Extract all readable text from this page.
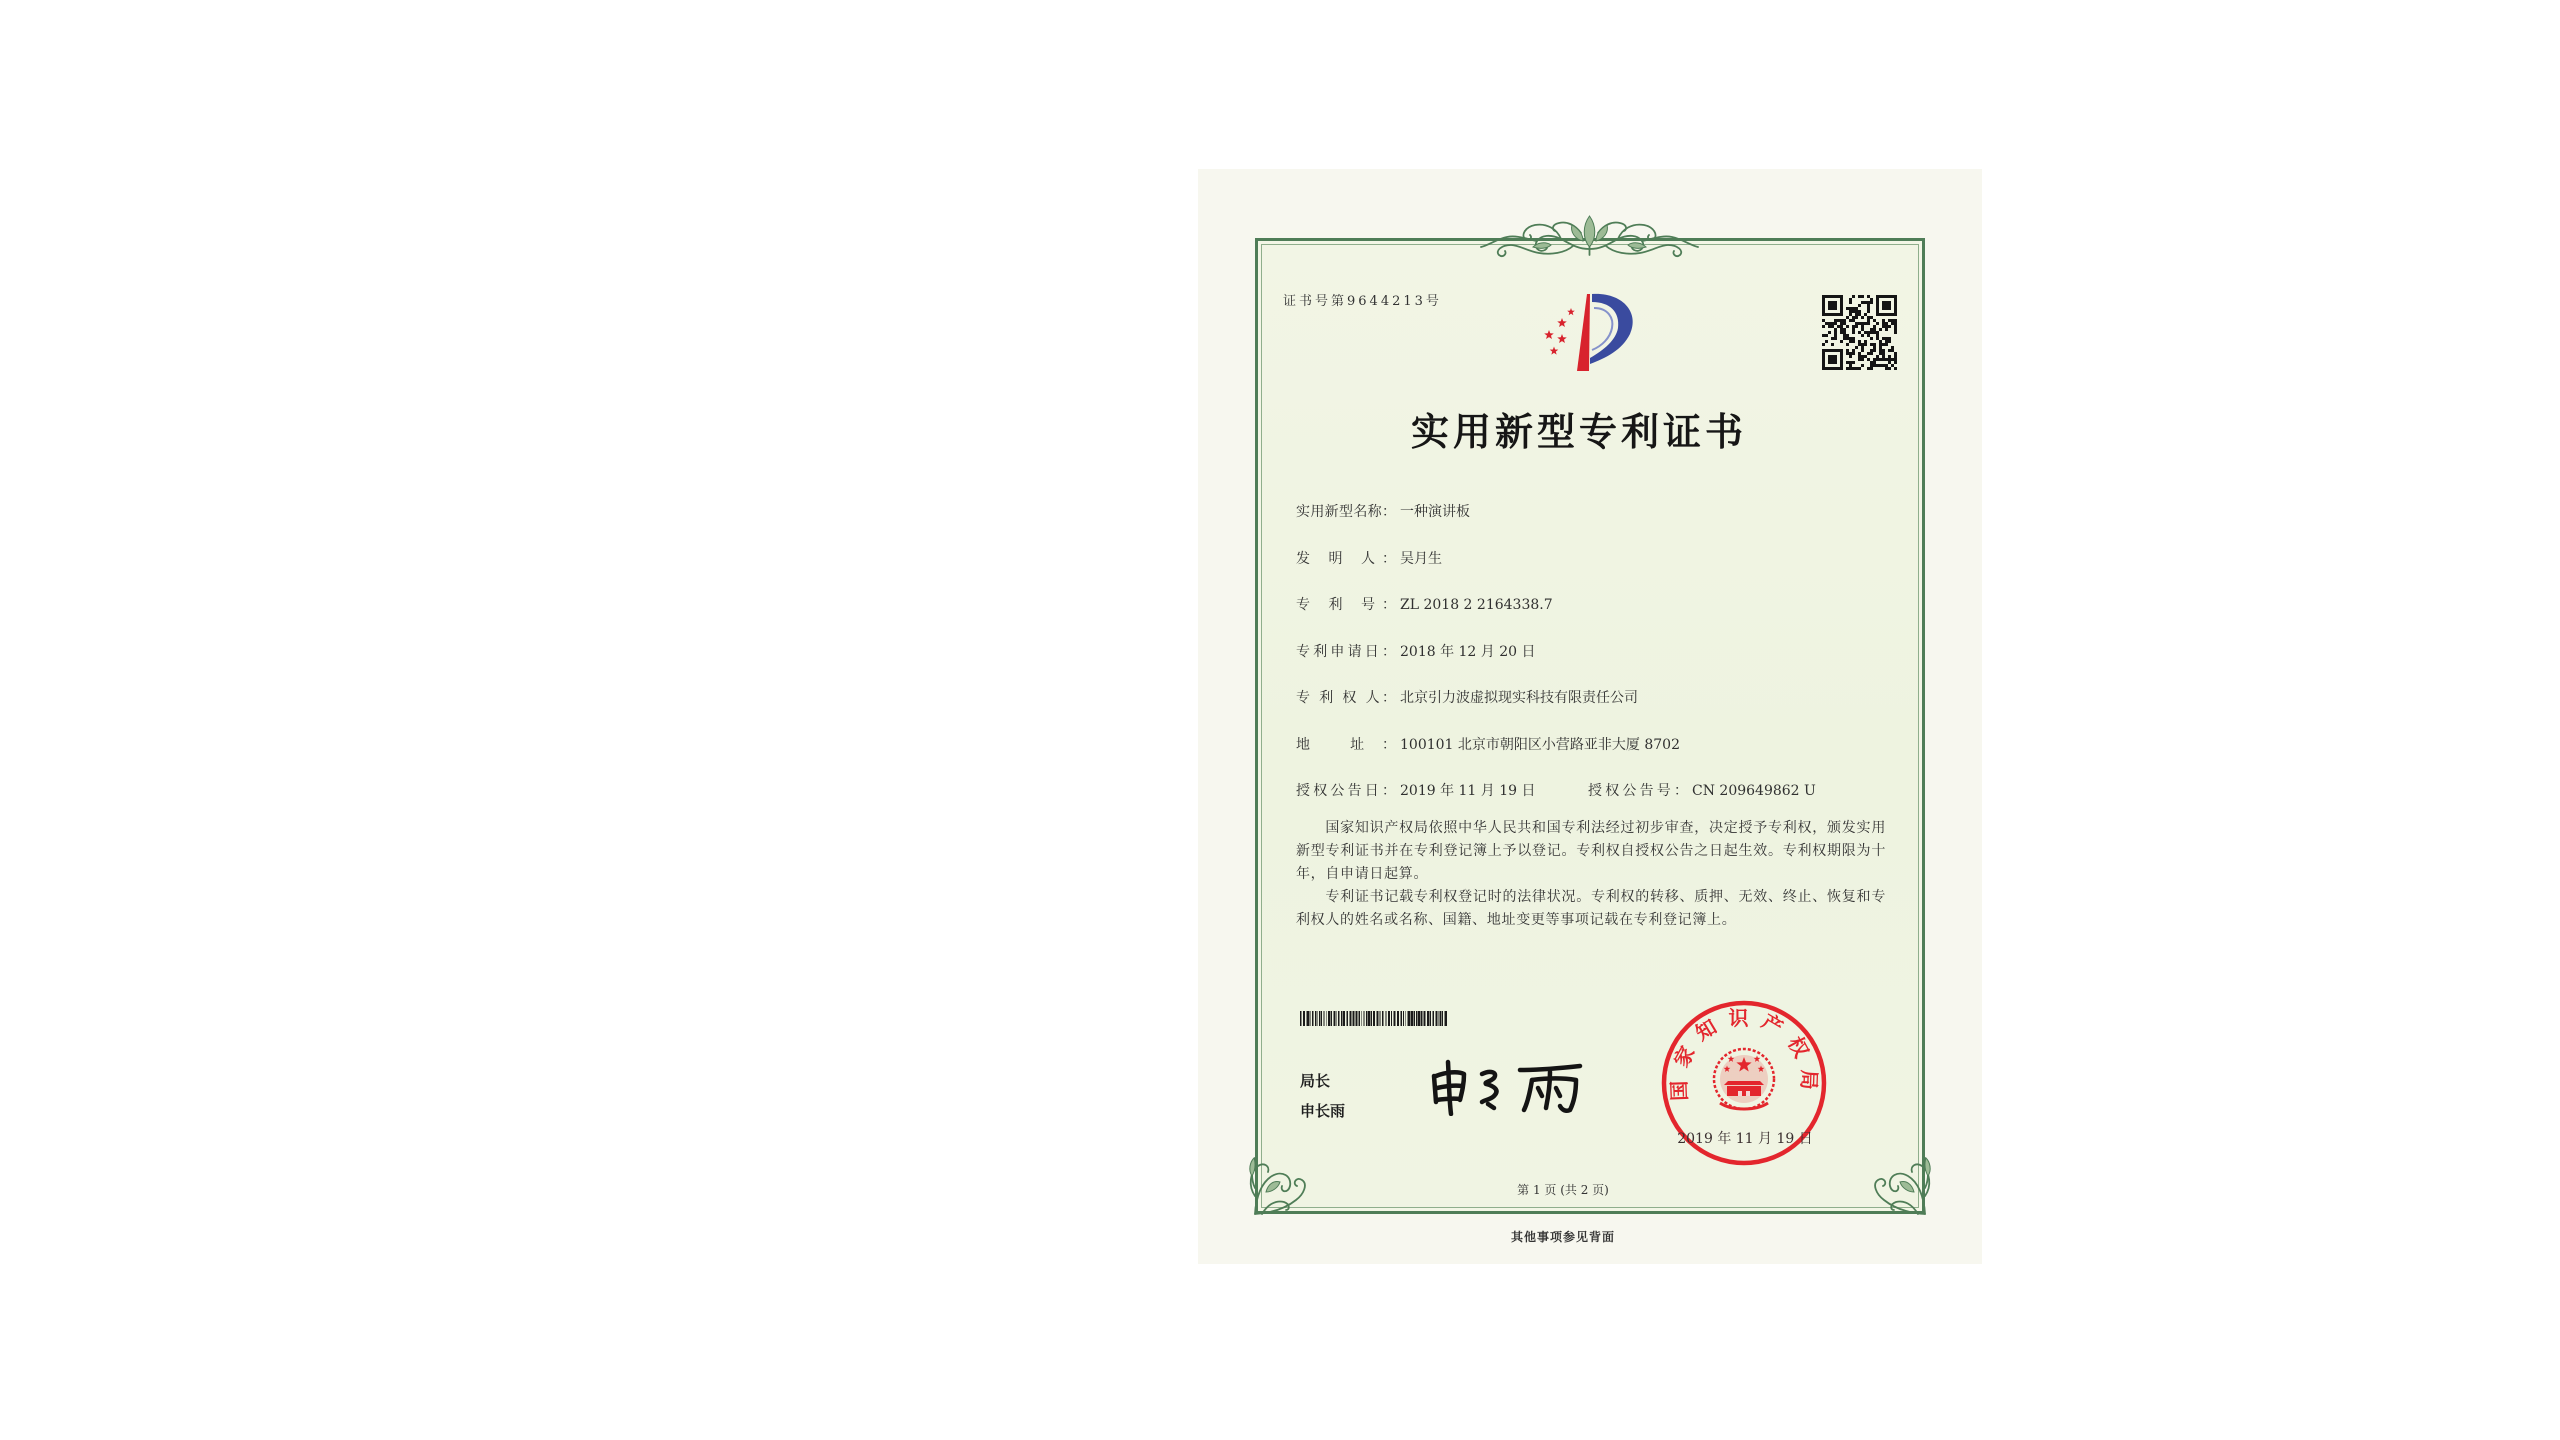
证书号第9644213号
实用新型专利证书
实用新型名称： 一种演讲板
发 明 人： 吴月生
专 利 号： ZL 2018 2 2164338.7
专利申请日： 2018 年 12 月 20 日
专 利 权 人： 北京引力波虚拟现实科技有限责任公司
地 址： 100101 北京市朝阳区小营路亚非大厦 8702
授权公告日： 2019 年 11 月 19 日	授权公告号： CN 209649862 U

国家知识产权局依照中华人民共和国专利法经过初步审查，决定授予专利权，颁发实用新型专利证书并在专利登记簿上予以登记。专利权自授权公告之日起生效。专利权期限为十年，自申请日起算。

专利证书记载专利权登记时的法律状况。专利权的转移、质押、无效、终止、恢复和专利权人的姓名或名称、国籍、地址变更等事项记载在专利登记簿上。

局长
申长雨
国家知识产权局
2019 年 11 月 19 日
第 1 页 (共 2 页)
其他事项参见背面
